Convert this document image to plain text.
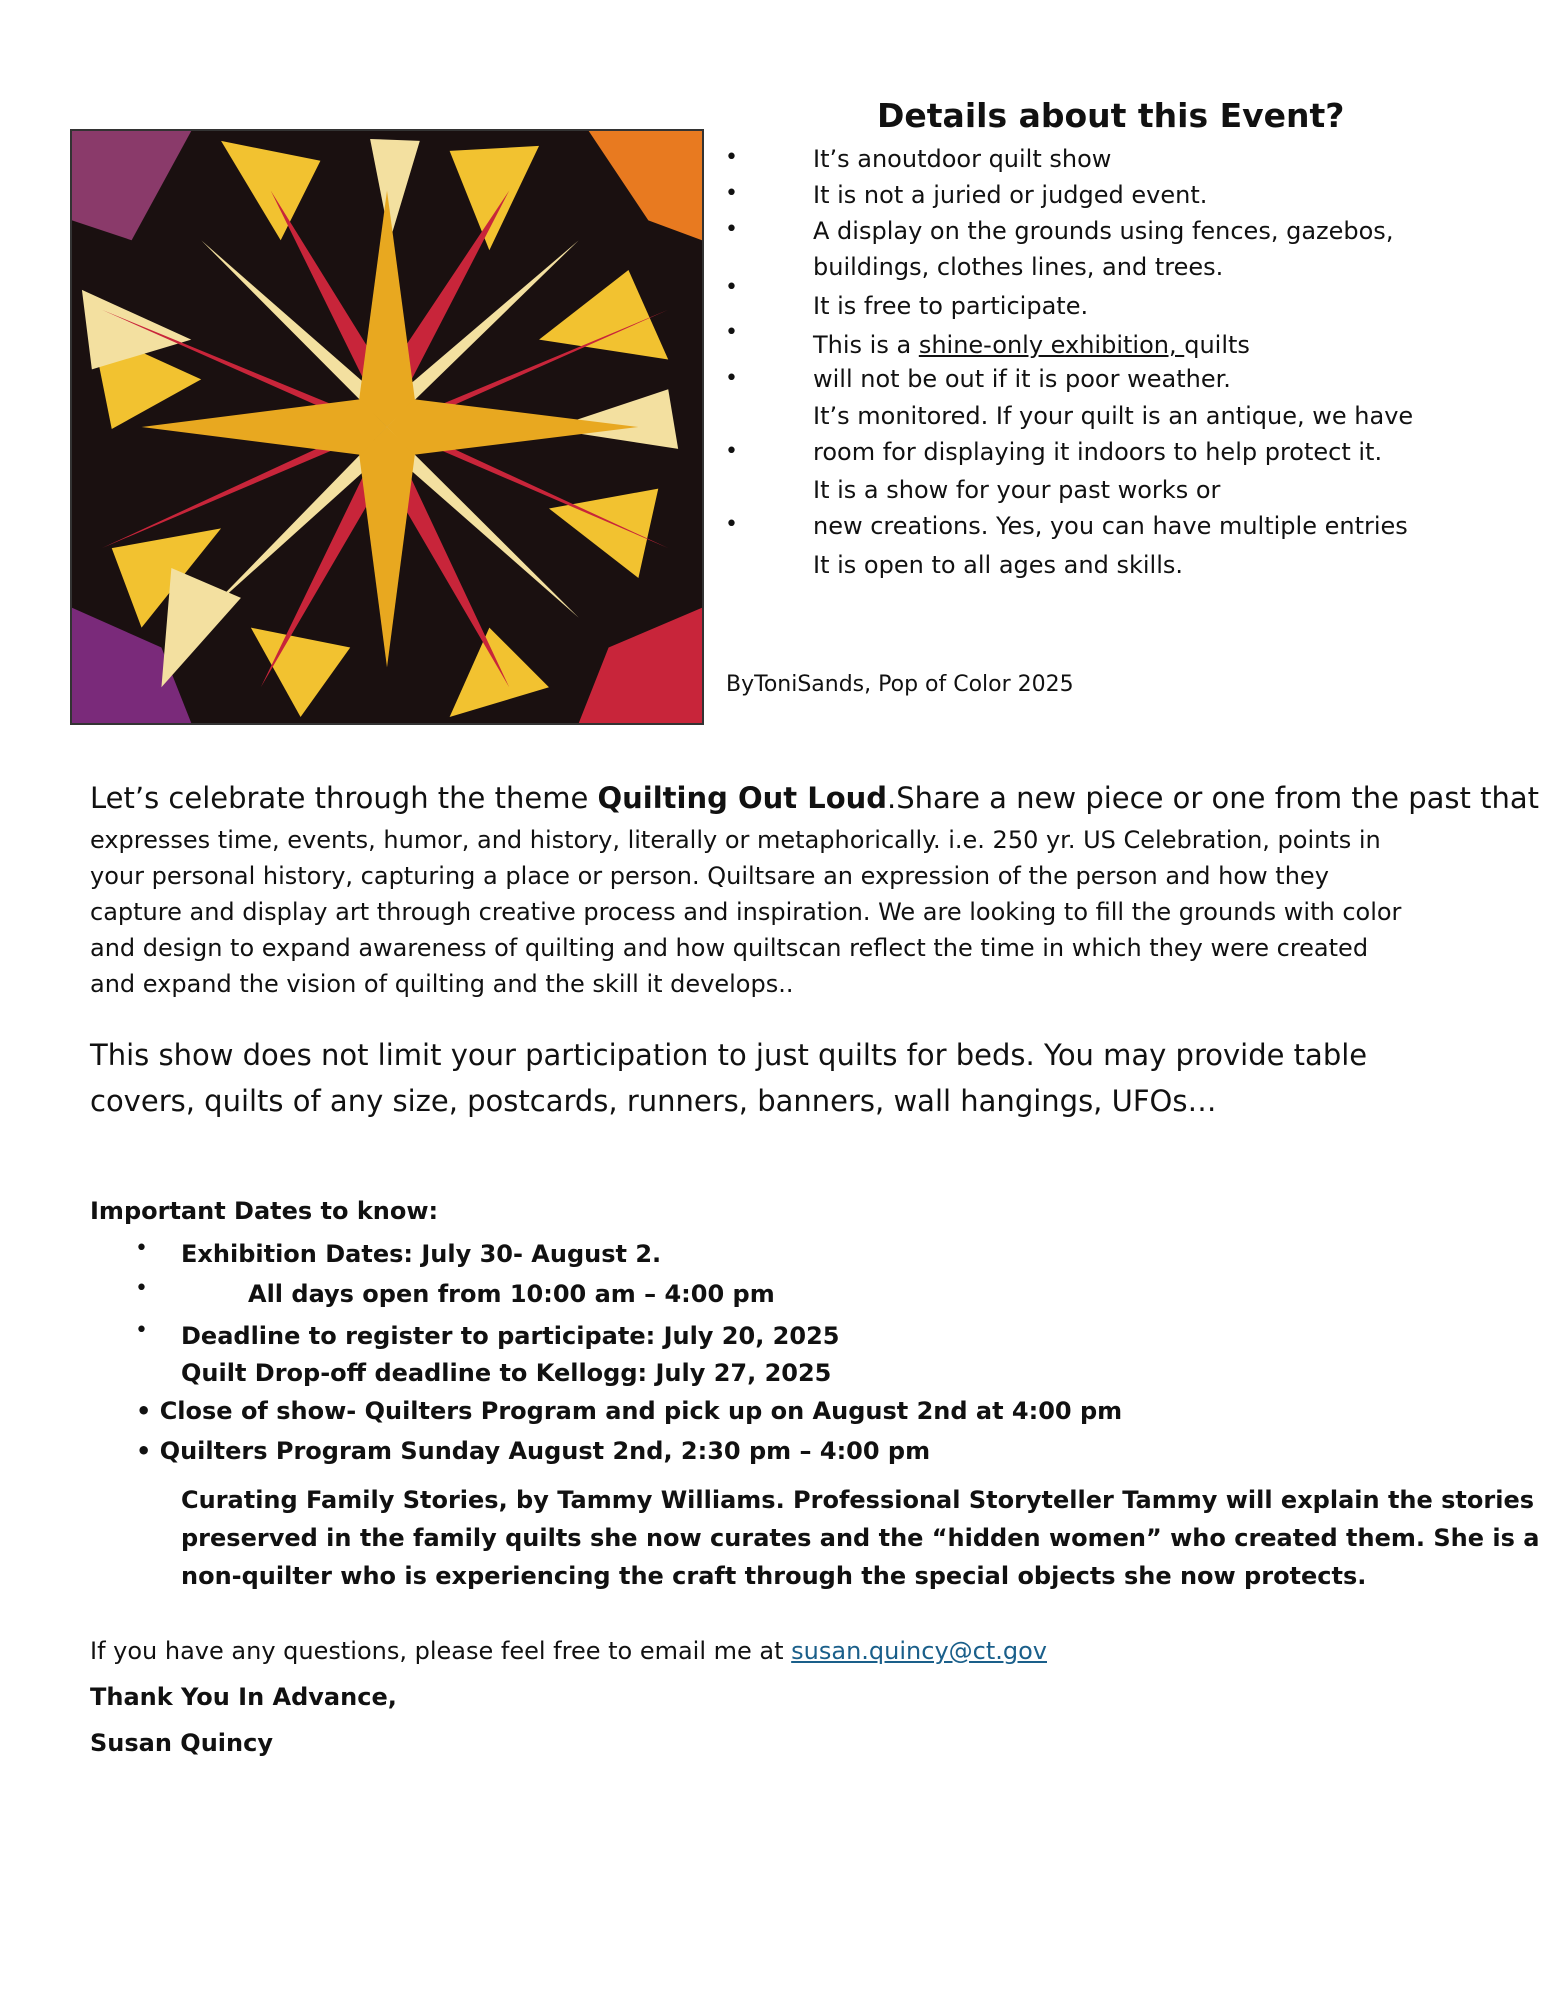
Details about this Event?
•
•
•
•
•
•
•
•
It’s anoutdoor quilt show
It is not a juried or judged event.
A display on the grounds using fences, gazebos,
buildings, clothes lines, and trees.
It is free to participate.
This is a shine-only exhibition, quilts
will not be out if it is poor weather.
It’s monitored. If your quilt is an antique, we have
room for displaying it indoors to help protect it.
It is a show for your past works or
new creations. Yes, you can have multiple entries
It is open to all ages and skills.
ByToniSands, Pop of Color 2025
Let’s celebrate through the theme Quilting Out Loud.Share a new piece or one from the past that
expresses time, events, humor, and history, literally or metaphorically. i.e. 250 yr. US Celebration, points in
your personal history, capturing a place or person. Quiltsare an expression of the person and how they
capture and display art through creative process and inspiration. We are looking to fill the grounds with color
and design to expand awareness of quilting and how quiltscan reflect the time in which they were created
and expand the vision of quilting and the skill it develops..
This show does not limit your participation to just quilts for beds. You may provide table
covers, quilts of any size, postcards, runners, banners, wall hangings, UFOs…
Important Dates to know:
• Exhibition Dates: July 30- August 2.
•	All days open from 10:00 am – 4:00 pm
• Deadline to register to participate: July 20, 2025
Quilt Drop-off deadline to Kellogg: July 27, 2025
• Close of show- Quilters Program and pick up on August 2nd at 4:00 pm
• Quilters Program Sunday August 2nd, 2:30 pm – 4:00 pm
Curating Family Stories, by Tammy Williams. Professional Storyteller Tammy will explain the stories
preserved in the family quilts she now curates and the “hidden women” who created them. She is a
non-quilter who is experiencing the craft through the special objects she now protects.
If you have any questions, please feel free to email me at susan.quincy@ct.gov
Thank You In Advance,
Susan Quincy
